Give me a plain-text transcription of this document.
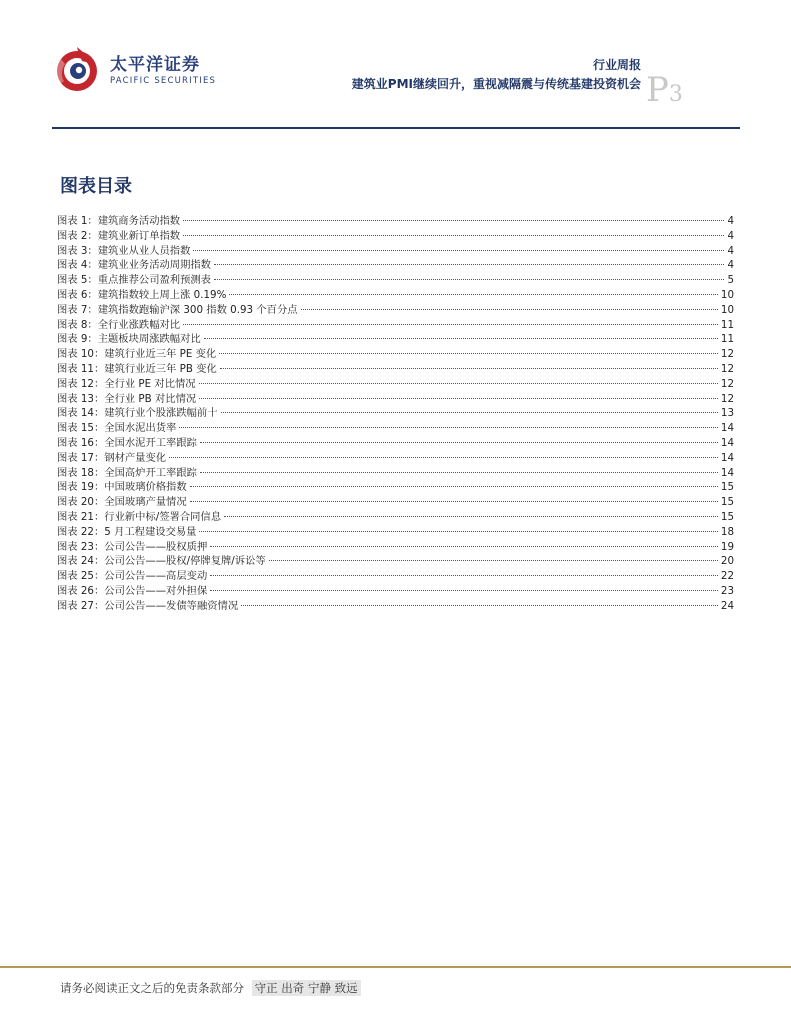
太平洋证券
PACIFIC SECURITIES
行业周报
建筑业PMI继续回升，重视减隔震与传统基建投资机会 P3
图表目录
图表 1：建筑商务活动指数	4
图表 2：建筑业新订单指数	4
图表 3：建筑业从业人员指数	4
图表 4：建筑业业务活动周期指数	4
图表 5：重点推荐公司盈利预测表	5
图表 6：建筑指数较上周上涨 0.19%	10
图表 7：建筑指数跑输沪深 300 指数 0.93 个百分点	10
图表 8：全行业涨跌幅对比	11
图表 9：主题板块周涨跌幅对比	11
图表 10：建筑行业近三年 PE 变化	12
图表 11：建筑行业近三年 PB 变化	12
图表 12：全行业 PE 对比情况	12
图表 13：全行业 PB 对比情况	12
图表 14：建筑行业个股涨跌幅前十	13
图表 15：全国水泥出货率	14
图表 16：全国水泥开工率跟踪	14
图表 17：钢材产量变化	14
图表 18：全国高炉开工率跟踪	14
图表 19：中国玻璃价格指数	15
图表 20：全国玻璃产量情况	15
图表 21：行业新中标/签署合同信息	15
图表 22：5 月工程建设交易量	18
图表 23：公司公告——股权质押	19
图表 24：公司公告——股权/停牌复牌/诉讼等	20
图表 25：公司公告——高层变动	22
图表 26：公司公告——对外担保	23
图表 27：公司公告——发债等融资情况	24
请务必阅读正文之后的免责条款部分 守正 出奇 宁静 致远
